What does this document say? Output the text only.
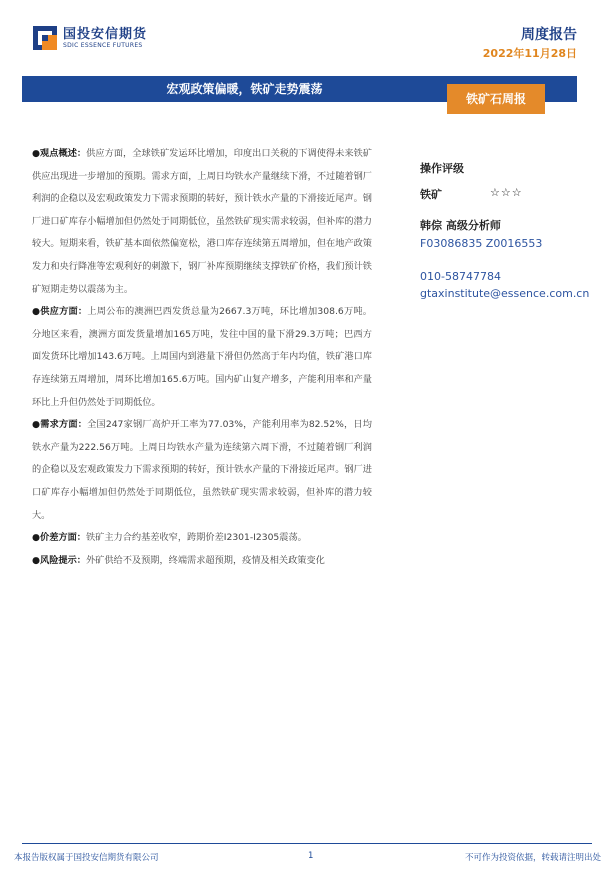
国投安信期货
SDIC ESSENCE FUTURES
周度报告
2022年11月28日
宏观政策偏暖，铁矿走势震荡
铁矿石周报

●观点概述：供应方面，全球铁矿发运环比增加，印度出口关税的下调使得未来铁矿供应出现进一步增加的预期。需求方面，上周日均铁水产量继续下滑，不过随着钢厂利润的企稳以及宏观政策发力下需求预期的转好，预计铁水产量的下滑接近尾声。钢厂进口矿库存小幅增加但仍然处于同期低位，虽然铁矿现实需求较弱，但补库的潜力较大。短期来看，铁矿基本面依然偏宽松，港口库存连续第五周增加，但在地产政策发力和央行降准等宏观利好的刺激下，钢厂补库预期继续支撑铁矿价格，我们预计铁矿短期走势以震荡为主。

●供应方面：上周公布的澳洲巴西发货总量为2667.3万吨，环比增加308.6万吨。分地区来看，澳洲方面发货量增加165万吨，发往中国的量下滑29.3万吨；巴西方面发货环比增加143.6万吨。上周国内到港量下滑但仍然高于年内均值，铁矿港口库存连续第五周增加，周环比增加165.6万吨。国内矿山复产增多，产能利用率和产量环比上升但仍然处于同期低位。

●需求方面：全国247家钢厂高炉开工率为77.03%，产能利用率为82.52%，日均铁水产量为222.56万吨。上周日均铁水产量为连续第六周下滑，不过随着钢厂利润的企稳以及宏观政策发力下需求预期的转好，预计铁水产量的下滑接近尾声。钢厂进口矿库存小幅增加但仍然处于同期低位，虽然铁矿现实需求较弱，但补库的潜力较大。

●价差方面：铁矿主力合约基差收窄，跨期价差I2301-I2305震荡。

●风险提示：外矿供给不及预期，终端需求超预期，疫情及相关政策变化

操作评级
铁矿	☆☆☆
韩倧 高级分析师
F03086835 Z0016553
010-58747784
gtaxinstitute@essence.com.cn
本报告版权属于国投安信期货有限公司	1	不可作为投资依据，转载请注明出处
